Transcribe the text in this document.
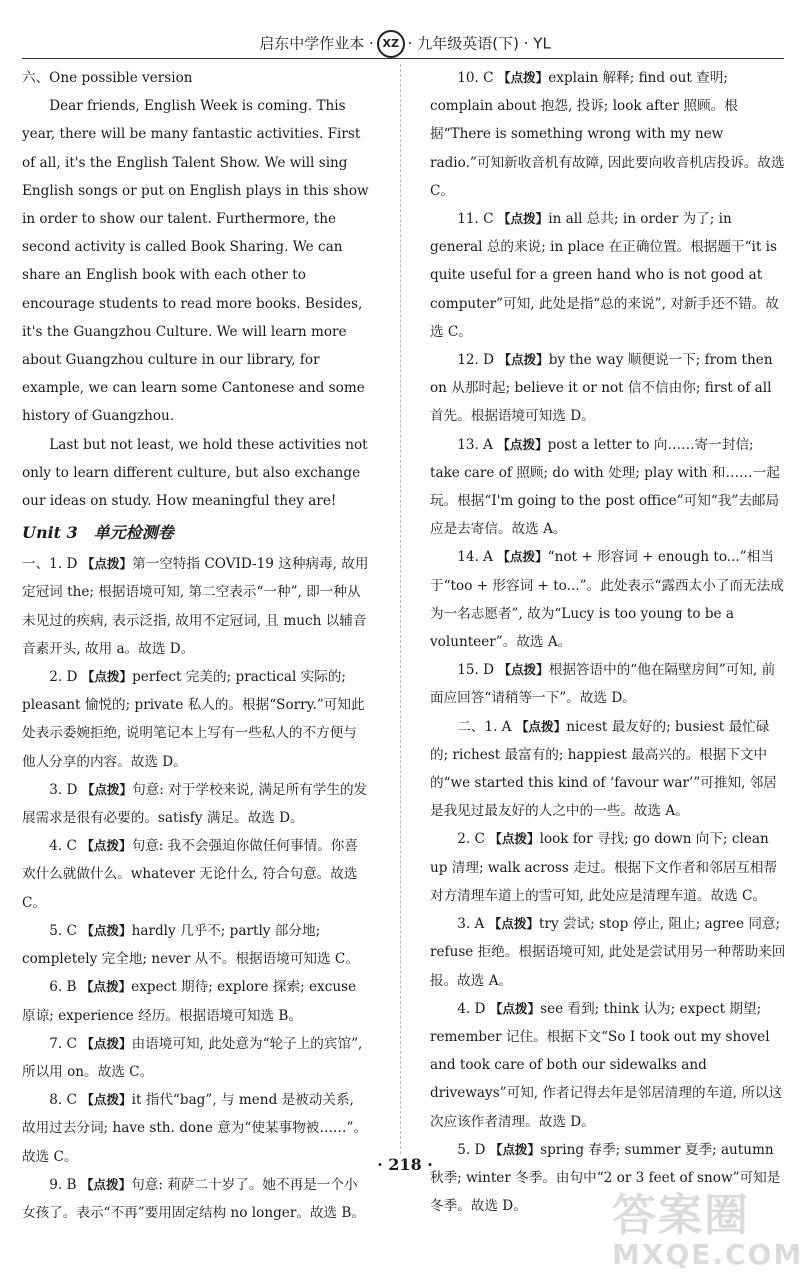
启东中学作业本 · XZ · 九年级英语(下) · YL

六、One possible version

Dear friends, English Week is coming. This year, there will be many fantastic activities. First of all, it's the English Talent Show. We will sing English songs or put on English plays in this show in order to show our talent. Furthermore, the second activity is called Book Sharing. We can share an English book with each other to encourage students to read more books. Besides, it's the Guangzhou Culture. We will learn more about Guangzhou culture in our library, for example, we can learn some Cantonese and some history of Guangzhou.

Last but not least, we hold these activities not only to learn different culture, but also exchange our ideas on study. How meaningful they are!

Unit 3　单元检测卷

一、1. D 【点拨】第一空特指 COVID-19 这种病毒, 故用定冠词 the; 根据语境可知, 第二空表示“一种”, 即一种从未见过的疾病, 表示泛指, 故用不定冠词, 且 much 以辅音音素开头, 故用 a。故选 D。

2. D 【点拨】perfect 完美的; practical 实际的; pleasant 愉悦的; private 私人的。根据“Sorry.”可知此处表示委婉拒绝, 说明笔记本上写有一些私人的不方便与他人分享的内容。故选 D。

3. D 【点拨】句意: 对于学校来说, 满足所有学生的发展需求是很有必要的。satisfy 满足。故选 D。

4. C 【点拨】句意: 我不会强迫你做任何事情。你喜欢什么就做什么。whatever 无论什么, 符合句意。故选 C。

5. C 【点拨】hardly 几乎不; partly 部分地; completely 完全地; never 从不。根据语境可知选 C。

6. B 【点拨】expect 期待; explore 探索; excuse 原谅; experience 经历。根据语境可知选 B。

7. C 【点拨】由语境可知, 此处意为“轮子上的宾馆”, 所以用 on。故选 C。

8. C 【点拨】it 指代“bag”, 与 mend 是被动关系, 故用过去分词; have sth. done 意为“使某事物被……”。故选 C。

9. B 【点拨】句意: 莉萨二十岁了。她不再是一个小女孩了。表示“不再”要用固定结构 no longer。故选 B。

10. C 【点拨】explain 解释; find out 查明; complain about 抱怨, 投诉; look after 照顾。根据“There is something wrong with my new radio.”可知新收音机有故障, 因此要向收音机店投诉。故选 C。

11. C 【点拨】in all 总共; in order 为了; in general 总的来说; in place 在正确位置。根据题干“it is quite useful for a green hand who is not good at computer”可知, 此处是指“总的来说”, 对新手还不错。故选 C。

12. D 【点拨】by the way 顺便说一下; from then on 从那时起; believe it or not 信不信由你; first of all 首先。根据语境可知选 D。

13. A 【点拨】post a letter to 向……寄一封信; take care of 照顾; do with 处理; play with 和……一起玩。根据“I'm going to the post office”可知“我”去邮局应是去寄信。故选 A。

14. A 【点拨】“not + 形容词 + enough to...”相当于“too + 形容词 + to...”。此处表示“露西太小了而无法成为一名志愿者”, 故为“Lucy is too young to be a volunteer”。故选 A。

15. D 【点拨】根据答语中的“他在隔壁房间”可知, 前面应回答“请稍等一下”。故选 D。

二、1. A 【点拨】nicest 最友好的; busiest 最忙碌的; richest 最富有的; happiest 最高兴的。根据下文中的“we started this kind of ‘favour war’”可推知, 邻居是我见过最友好的人之中的一些。故选 A。

2. C 【点拨】look for 寻找; go down 向下; clean up 清理; walk across 走过。根据下文作者和邻居互相帮对方清理车道上的雪可知, 此处应是清理车道。故选 C。

3. A 【点拨】try 尝试; stop 停止, 阻止; agree 同意; refuse 拒绝。根据语境可知, 此处是尝试用另一种帮助来回报。故选 A。

4. D 【点拨】see 看到; think 认为; expect 期望; remember 记住。根据下文“So I took out my shovel and took care of both our sidewalks and driveways”可知, 作者记得去年是邻居清理的车道, 所以这次应该作者清理。故选 D。

5. D 【点拨】spring 春季; summer 夏季; autumn 秋季; winter 冬季。由句中“2 or 3 feet of snow”可知是冬季。故选 D。

· 218 ·
答案圈
MXQE.COM
